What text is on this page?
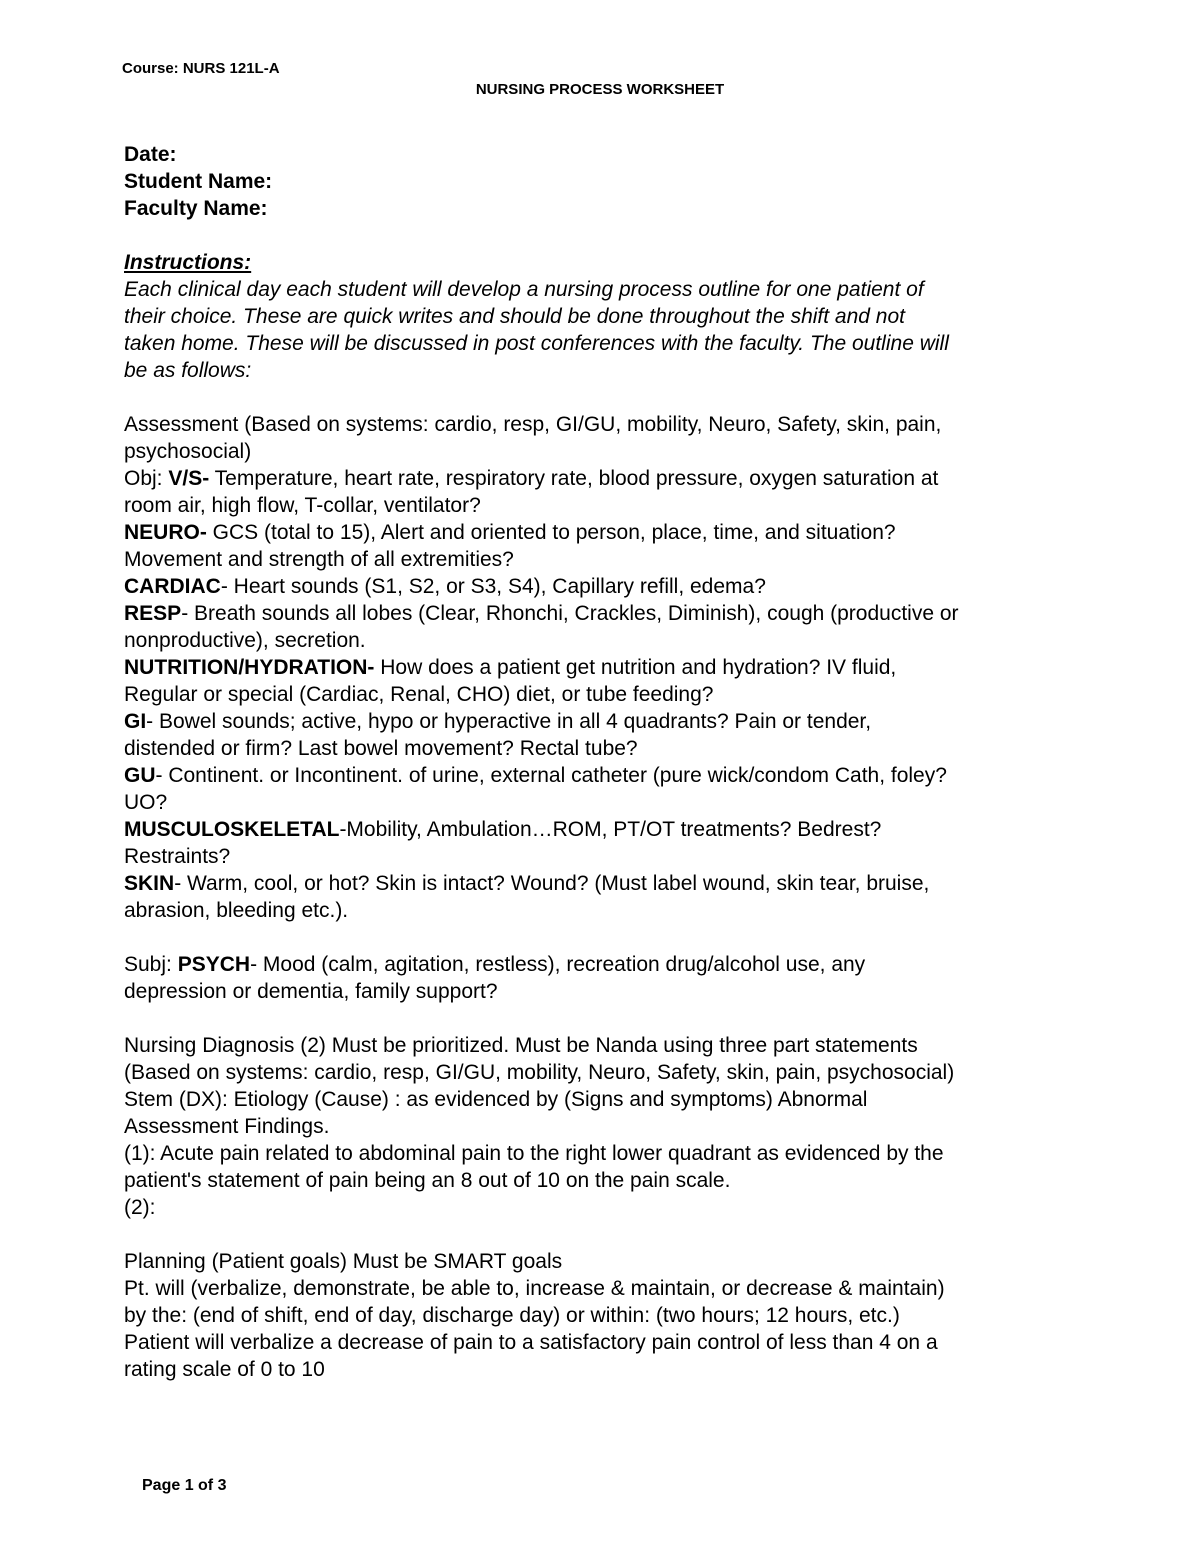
Course: NURS 121L-A
NURSING PROCESS WORKSHEET

Date:

Student Name:

Faculty Name:

Instructions:

Each clinical day each student will develop a nursing process outline for one patient of

their choice. These are quick writes and should be done throughout the shift and not

taken home. These will be discussed in post conferences with the faculty. The outline will

be as follows:

Assessment (Based on systems: cardio, resp, GI/GU, mobility, Neuro, Safety, skin, pain,

psychosocial)

Obj: V/S- Temperature, heart rate, respiratory rate, blood pressure, oxygen saturation at

room air, high flow, T-collar, ventilator?

NEURO- GCS (total to 15), Alert and oriented to person, place, time, and situation?

Movement and strength of all extremities?

CARDIAC- Heart sounds (S1, S2, or S3, S4), Capillary refill, edema?

RESP- Breath sounds all lobes (Clear, Rhonchi, Crackles, Diminish), cough (productive or

nonproductive), secretion.

NUTRITION/HYDRATION- How does a patient get nutrition and hydration? IV fluid,

Regular or special (Cardiac, Renal, CHO) diet, or tube feeding?

GI- Bowel sounds; active, hypo or hyperactive in all 4 quadrants? Pain or tender,

distended or firm? Last bowel movement? Rectal tube?

GU- Continent. or Incontinent. of urine, external catheter (pure wick/condom Cath, foley?

UO?

MUSCULOSKELETAL-Mobility, Ambulation…ROM, PT/OT treatments? Bedrest?

Restraints?

SKIN- Warm, cool, or hot? Skin is intact? Wound? (Must label wound, skin tear, bruise,

abrasion, bleeding etc.).

Subj: PSYCH- Mood (calm, agitation, restless), recreation drug/alcohol use, any

depression or dementia, family support?

Nursing Diagnosis (2) Must be prioritized. Must be Nanda using three part statements

(Based on systems: cardio, resp, GI/GU, mobility, Neuro, Safety, skin, pain, psychosocial)

Stem (DX): Etiology (Cause) : as evidenced by (Signs and symptoms) Abnormal

Assessment Findings.

(1): Acute pain related to abdominal pain to the right lower quadrant as evidenced by the

patient's statement of pain being an 8 out of 10 on the pain scale.

(2):

Planning (Patient goals) Must be SMART goals

Pt. will (verbalize, demonstrate, be able to, increase & maintain, or decrease & maintain)

by the: (end of shift, end of day, discharge day) or within: (two hours; 12 hours, etc.)

Patient will verbalize a decrease of pain to a satisfactory pain control of less than 4 on a

rating scale of 0 to 10

Page 1 of 3
